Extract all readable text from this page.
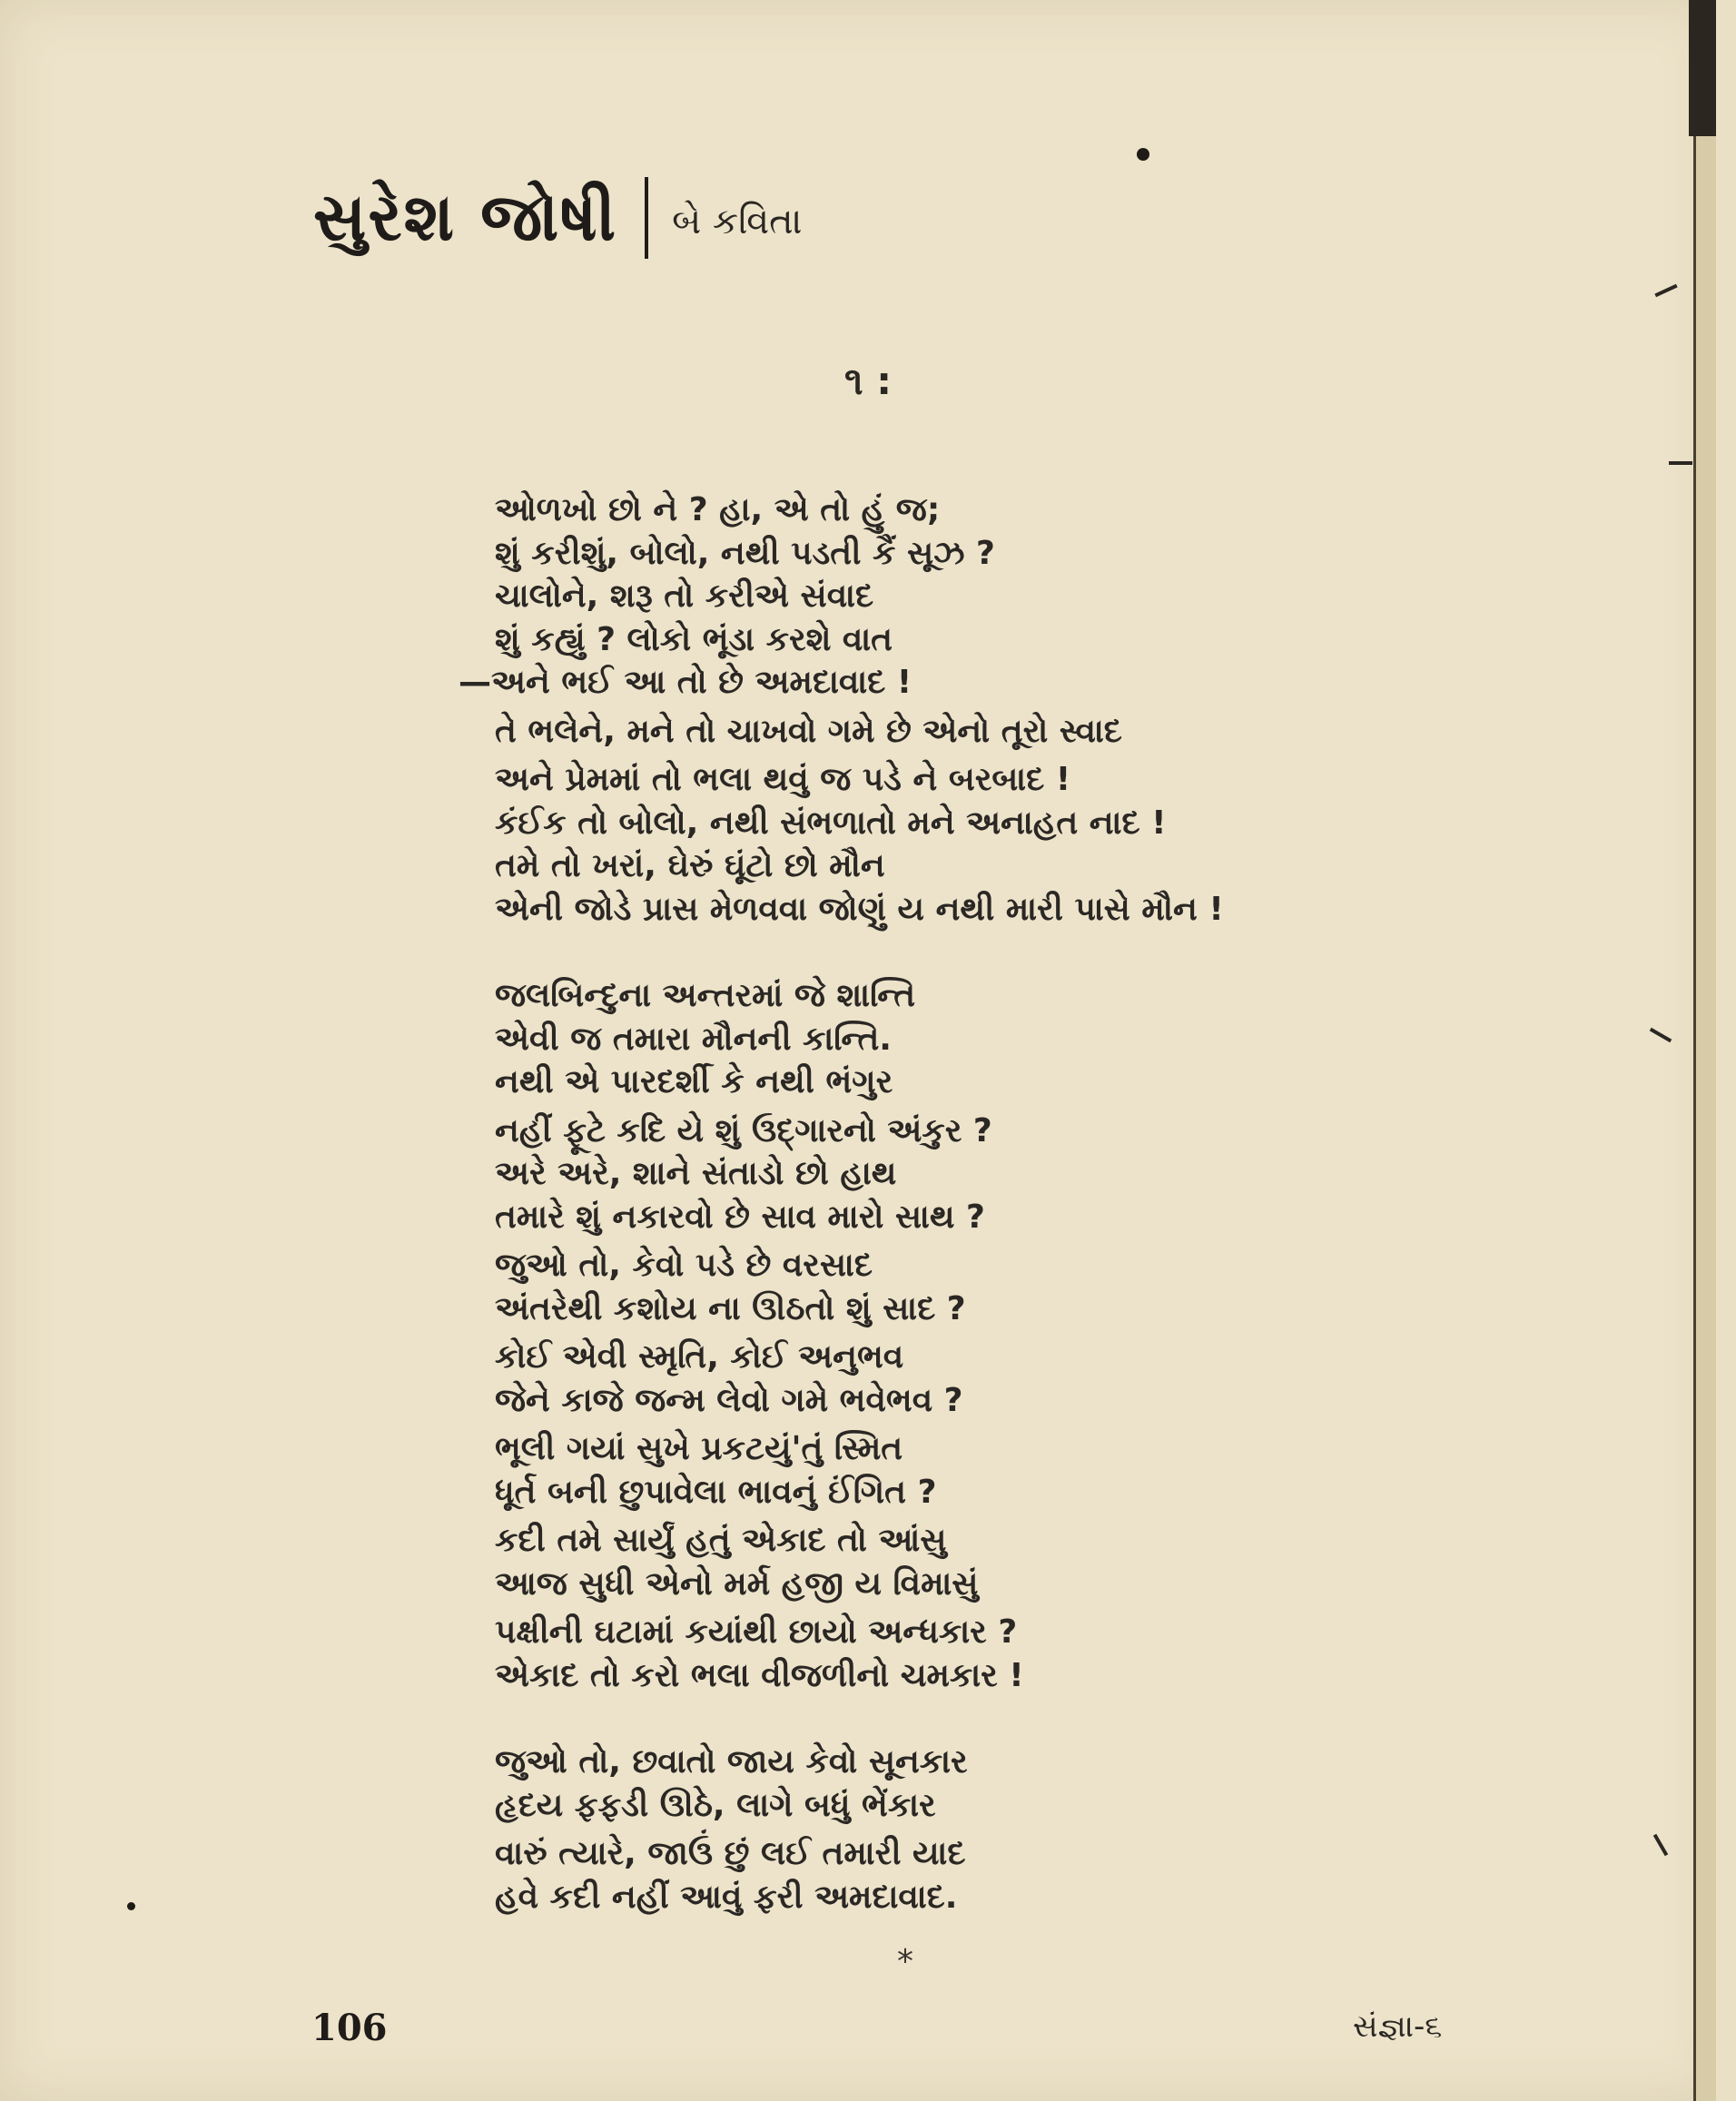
સુરેશ જોષી બે કવિતા
૧ :
ઓળખો છો ને ? હા, એ તો હું જ;
શું કરીશું, બોલો, નથી પડતી કૈં સૂઝ ?
ચાલોને, શરૂ તો કરીએ સંવાદ
શું કહ્યું ? લોકો ભૂંડા કરશે વાત
—અને ભઈ આ તો છે અમદાવાદ !
તે ભલેને, મને તો ચાખવો ગમે છે એનો તૂરો સ્વાદ
અને પ્રેમમાં તો ભલા થવું જ પડે ને બરબાદ !
કંઈક તો બોલો, નથી સંભળાતો મને અનાહત નાદ !
તમે તો ખરાં, ઘેરું ઘૂંટો છો મૌન
એની જોડે પ્રાસ મેળવવા જોણું ય નથી મારી પાસે મૌન !
જલબિન્દુના અન્તરમાં જે શાન્તિ
એવી જ તમારા મૌનની કાન્તિ.
નથી એ પારદર્શી કે નથી ભંગુર
નહીં ફૂટે કદિ યે શું ઉદ્‌ગારનો અંકુર ?
અરે અરે, શાને સંતાડો છો હાથ
તમારે શું નકારવો છે સાવ મારો સાથ ?
જુઓ તો, કેવો પડે છે વરસાદ
અંતરેથી કશોય ના ઊઠતો શું સાદ ?
કોઈ એવી સ્મૃતિ, કોઈ અનુભવ
જેને કાજે જન્મ લેવો ગમે ભવેભવ ?
ભૂલી ગયાં સુખે પ્રકટયું'તું સ્મિત
ધૂર્ત બની છુપાવેલા ભાવનું ઈંગિત ?
કદી તમે સાર્યું હતું એકાદ તો આંસુ
આજ સુધી એનો મર્મ હજી ય વિમાસું
પક્ષીની ઘટામાં કયાંથી છાયો અન્ધકાર ?
એકાદ તો કરો ભલા વીજળીનો ચમકાર !
જુઓ તો, છવાતો જાય કેવો સૂનકાર
હૃદય ફફડી ઊઠે, લાગે બધું ભેંકાર
વારું ત્યારે, જાઉં છું લઈ તમારી યાદ
હવે કદી નહીં આવું ફરી અમદાવાદ.
*
106	સંજ્ઞા-૬
